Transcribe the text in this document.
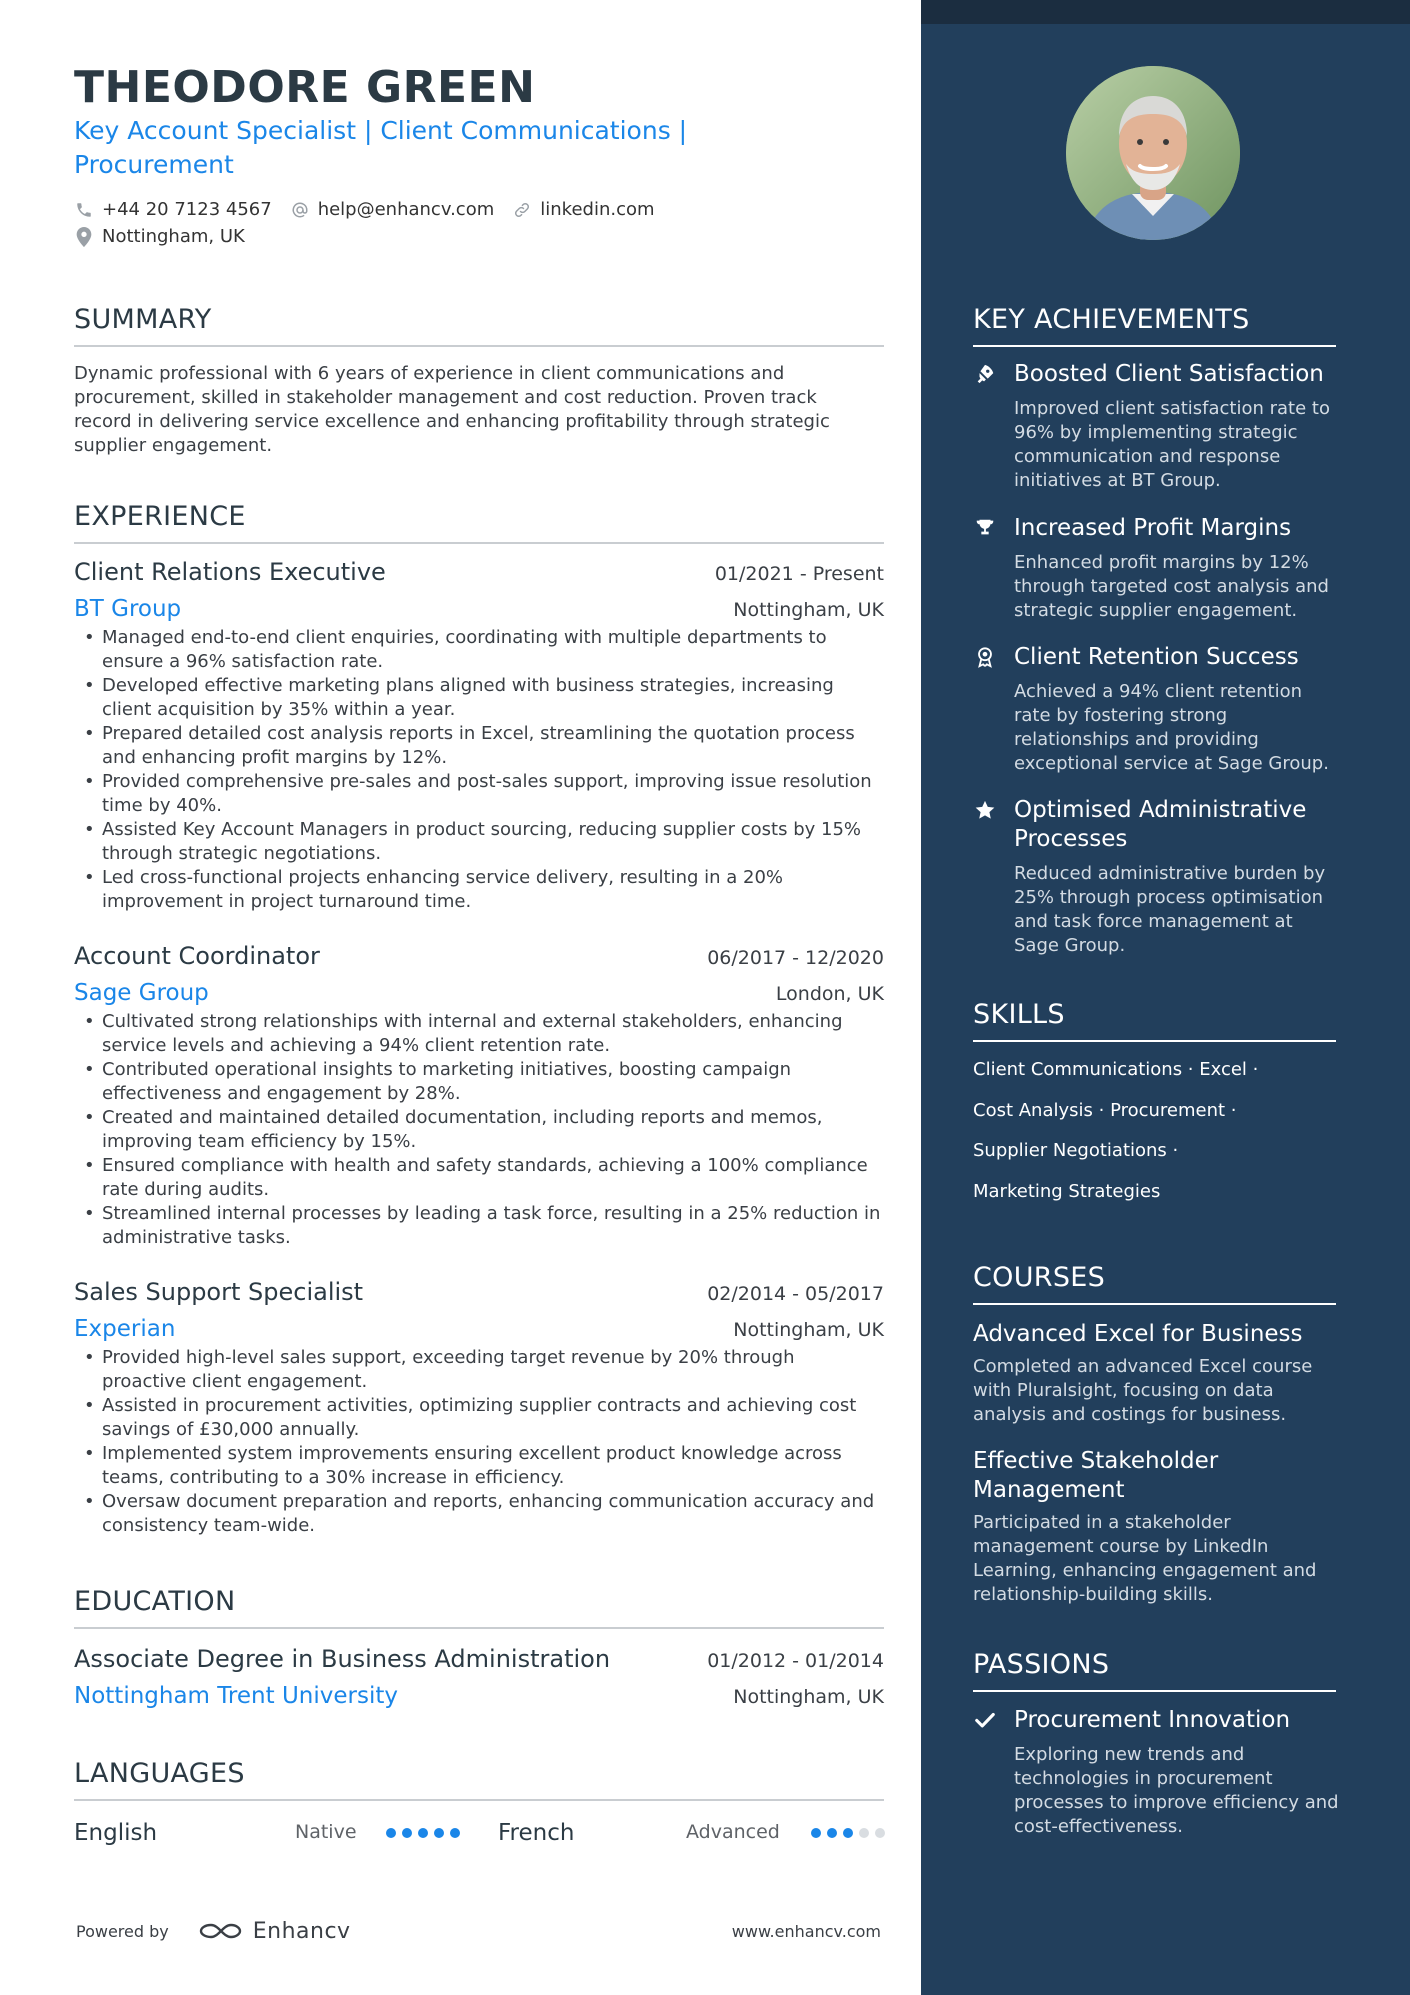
THEODORE GREEN
Key Account Specialist | Client Communications |
Procurement
+44 20 7123 4567	help@enhancv.com	linkedin.com
Nottingham, UK
SUMMARY
Dynamic professional with 6 years of experience in client communications and procurement, skilled in stakeholder management and cost reduction. Proven track record in delivering service excellence and enhancing profitability through strategic supplier engagement.
EXPERIENCE
Client Relations Executive	01/2021 - Present
BT Group	Nottingham, UK
• Managed end-to-end client enquiries, coordinating with multiple departments to ensure a 96% satisfaction rate.
• Developed effective marketing plans aligned with business strategies, increasing client acquisition by 35% within a year.
• Prepared detailed cost analysis reports in Excel, streamlining the quotation process and enhancing profit margins by 12%.
• Provided comprehensive pre-sales and post-sales support, improving issue resolution time by 40%.
• Assisted Key Account Managers in product sourcing, reducing supplier costs by 15% through strategic negotiations.
• Led cross-functional projects enhancing service delivery, resulting in a 20% improvement in project turnaround time.
Account Coordinator	06/2017 - 12/2020
Sage Group	London, UK
• Cultivated strong relationships with internal and external stakeholders, enhancing service levels and achieving a 94% client retention rate.
• Contributed operational insights to marketing initiatives, boosting campaign effectiveness and engagement by 28%.
• Created and maintained detailed documentation, including reports and memos, improving team efficiency by 15%.
• Ensured compliance with health and safety standards, achieving a 100% compliance rate during audits.
• Streamlined internal processes by leading a task force, resulting in a 25% reduction in administrative tasks.
Sales Support Specialist	02/2014 - 05/2017
Experian	Nottingham, UK
• Provided high-level sales support, exceeding target revenue by 20% through proactive client engagement.
• Assisted in procurement activities, optimizing supplier contracts and achieving cost savings of £30,000 annually.
• Implemented system improvements ensuring excellent product knowledge across teams, contributing to a 30% increase in efficiency.
• Oversaw document preparation and reports, enhancing communication accuracy and consistency team-wide.
EDUCATION
Associate Degree in Business Administration	01/2012 - 01/2014
Nottingham Trent University	Nottingham, UK
LANGUAGES
English	Native	French	Advanced
Powered by	Enhancv	www.enhancv.com
KEY ACHIEVEMENTS
Boosted Client Satisfaction
Improved client satisfaction rate to 96% by implementing strategic communication and response initiatives at BT Group.
Increased Profit Margins
Enhanced profit margins by 12% through targeted cost analysis and strategic supplier engagement.
Client Retention Success
Achieved a 94% client retention rate by fostering strong relationships and providing exceptional service at Sage Group.
Optimised Administrative
Processes
Reduced administrative burden by 25% through process optimisation and task force management at Sage Group.
SKILLS
Client Communications · Excel ·
Cost Analysis · Procurement ·
Supplier Negotiations ·
Marketing Strategies
COURSES
Advanced Excel for Business
Completed an advanced Excel course with Pluralsight, focusing on data analysis and costings for business.
Effective Stakeholder
Management
Participated in a stakeholder management course by LinkedIn Learning, enhancing engagement and relationship-building skills.
PASSIONS
Procurement Innovation
Exploring new trends and technologies in procurement processes to improve efficiency and cost-effectiveness.
